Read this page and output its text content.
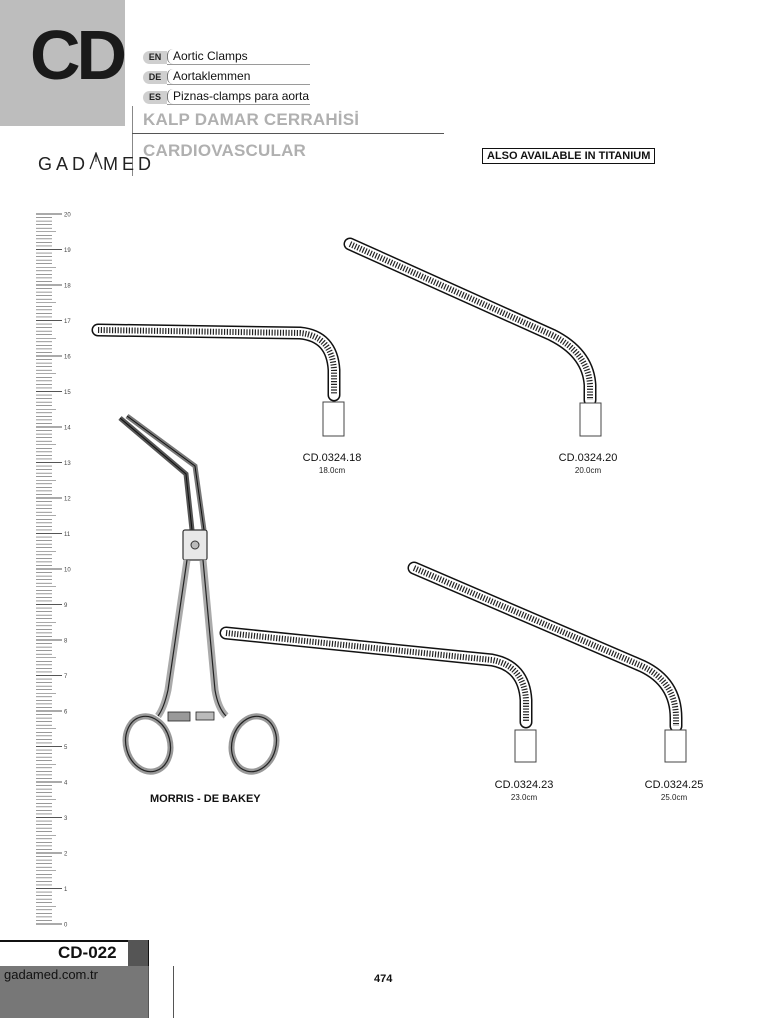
CD	EN Aortic Clamps
DE Aortaklemmen
ES	Piznas-clamps para aorta
KALP DAMAR CERRAHİSİ
CARDIOVASCULAR
GAD MED	ALSO AVAILABLE IN TITANIUM
20
19
18
17
16
15
14
13
12
11
10
9
8
7
6
5
4
3
2
1
0
CD.0324.18
18.0cm
CD.0324.20
20.0cm
CD.0324.23
23.0cm
CD.0324.25
25.0cm
MORRIS - DE BAKEY
CD-022
gadamed.com.tr	474
